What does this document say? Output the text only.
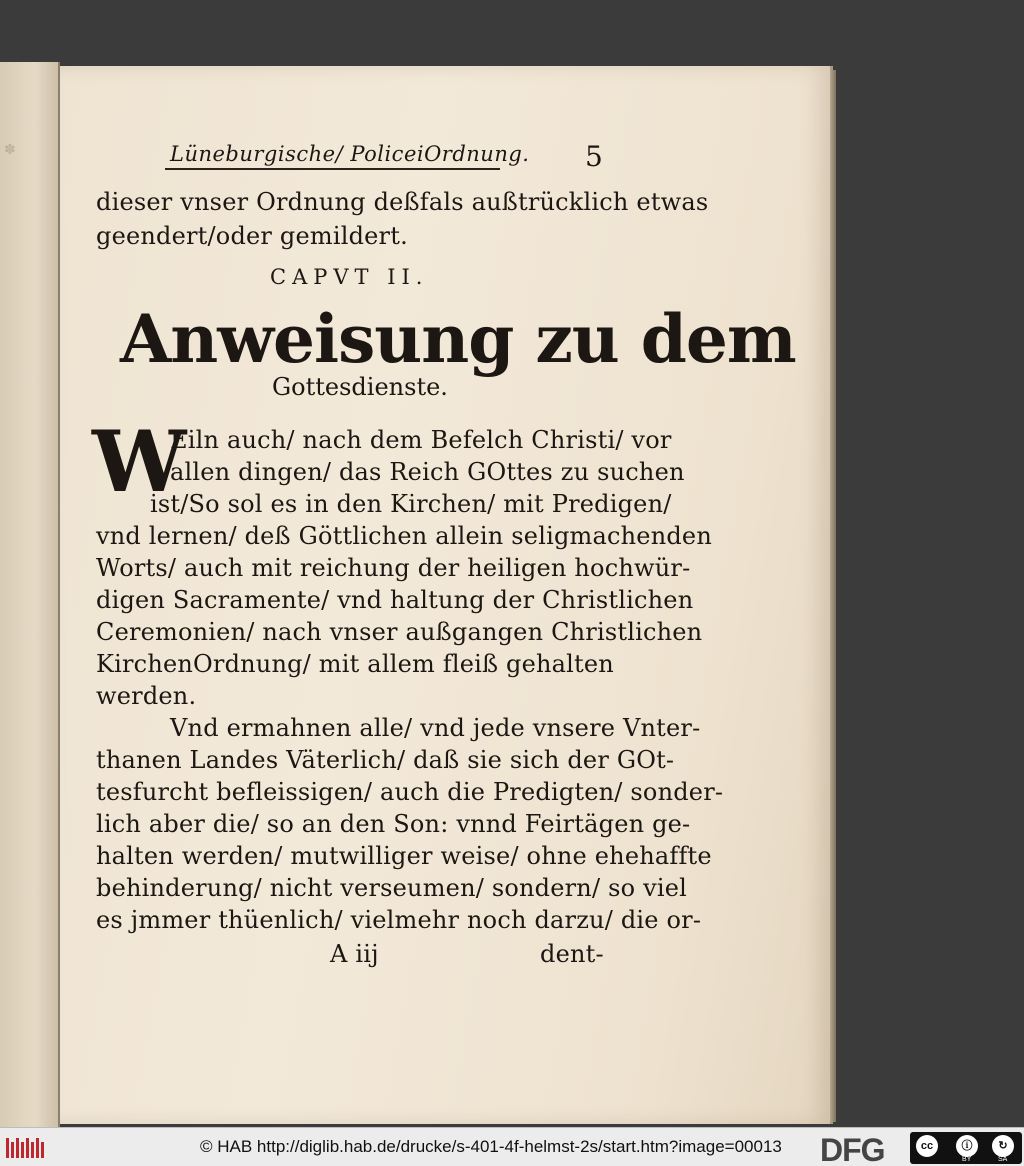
✽	Lüneburgische/ PoliceiOrdnung. 5
dieser vnser Ordnung deßfals außtrücklich etwas
geendert/oder gemildert.
CAPVT II.
Anweisung zu dem
Gottesdienste.
W
Eiln auch/ nach dem Befelch Christi/ vor
allen dingen/ das Reich GOttes zu suchen
ist/So sol es in den Kirchen/ mit Predigen/
vnd lernen/ deß Göttlichen allein seligmachenden
Worts/ auch mit reichung der heiligen hochwür-
digen Sacramente/ vnd haltung der Christlichen
Ceremonien/ nach vnser außgangen Christlichen
KirchenOrdnung/ mit allem fleiß gehalten
werden.
Vnd ermahnen alle/ vnd jede vnsere Vnter-
thanen Landes Väterlich/ daß sie sich der GOt-
tesfurcht befleissigen/ auch die Predigten/ sonder-
lich aber die/ so an den Son: vnnd Feirtägen ge-
halten werden/ mutwilliger weise/ ohne ehehaffte
behinderung/ nicht verseumen/ sondern/ so viel
es jmmer thüenlich/ vielmehr noch darzu/ die or-
A iij	dent-
© HAB http://diglib.hab.de/drucke/s-401-4f-helmst-2s/start.htm?image=00013 DFG	cc	ⓘ	↻
BY	SA
